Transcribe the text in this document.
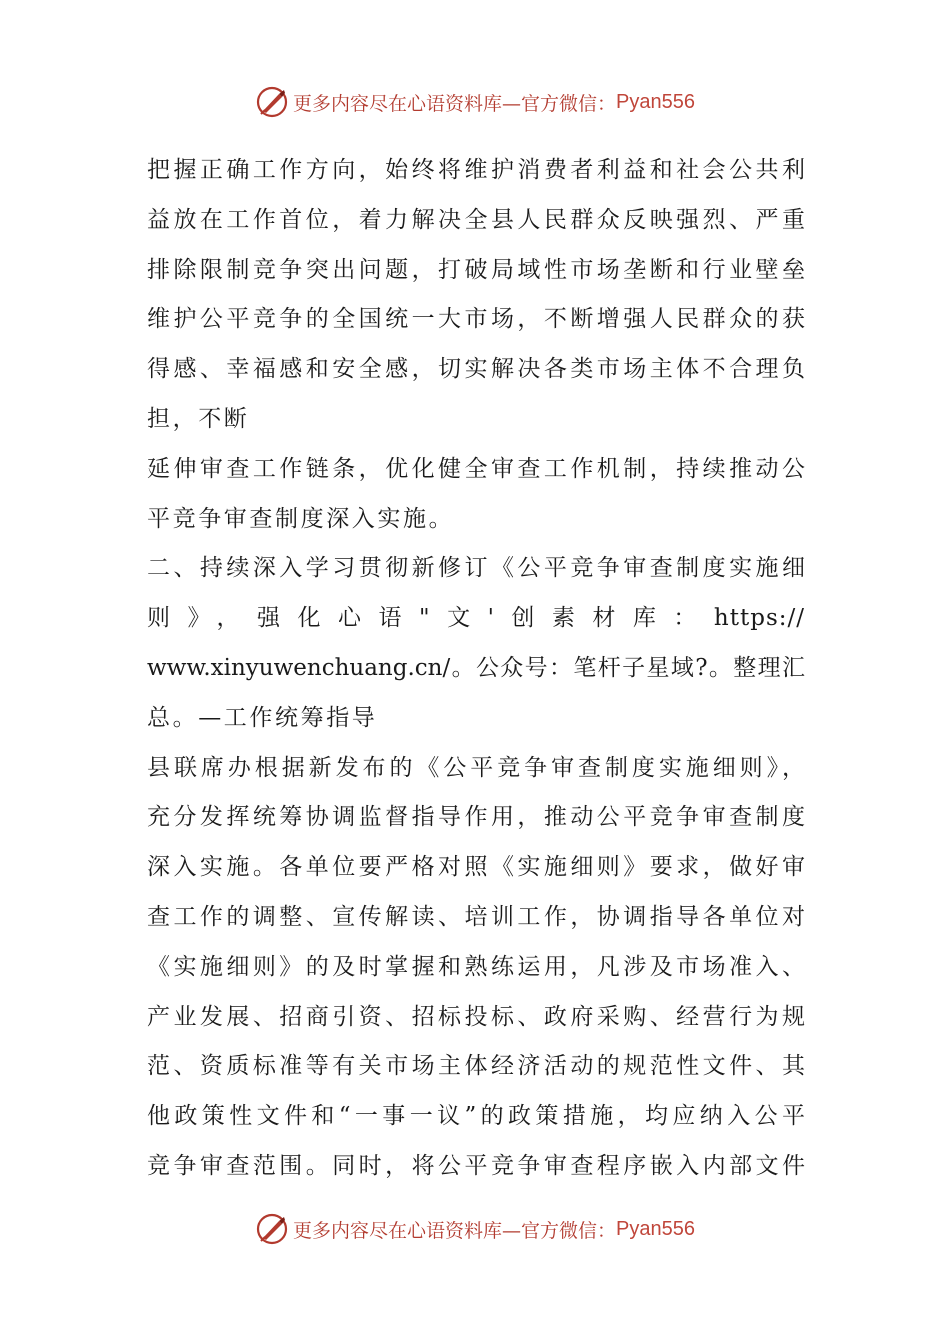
更多内容尽在心语资料库—官方微信： Pyan556
把握正确工作方向，始终将维护消费者利益和社会公共利
益放在工作首位，着力解决全县人民群众反映强烈、严重
排除限制竞争突出问题，打破局域性市场垄断和行业壁垒
维护公平竞争的全国统一大市场，不断增强人民群众的获
得感、幸福感和安全感，切实解决各类市场主体不合理负
担，不断
延伸审查工作链条，优化健全审查工作机制，持续推动公
平竞争审查制度深入实施。
二、持续深入学习贯彻新修订《公平竞争审查制度实施细
则》，强化心语"文'创素材库：https://
www.xinyuwenchuang.cn/。公众号：笔杆子星域?。整理汇
总。—工作统筹指导
县联席办根据新发布的《公平竞争审查制度实施细则》，
充分发挥统筹协调监督指导作用，推动公平竞争审查制度
深入实施。各单位要严格对照《实施细则》要求，做好审
查工作的调整、宣传解读、培训工作，协调指导各单位对
《实施细则》的及时掌握和熟练运用，凡涉及市场准入、
产业发展、招商引资、招标投标、政府采购、经营行为规
范、资质标准等有关市场主体经济活动的规范性文件、其
他政策性文件和“一事一议”的政策措施，均应纳入公平
竞争审查范围。同时，将公平竞争审查程序嵌入内部文件
更多内容尽在心语资料库—官方微信： Pyan556
